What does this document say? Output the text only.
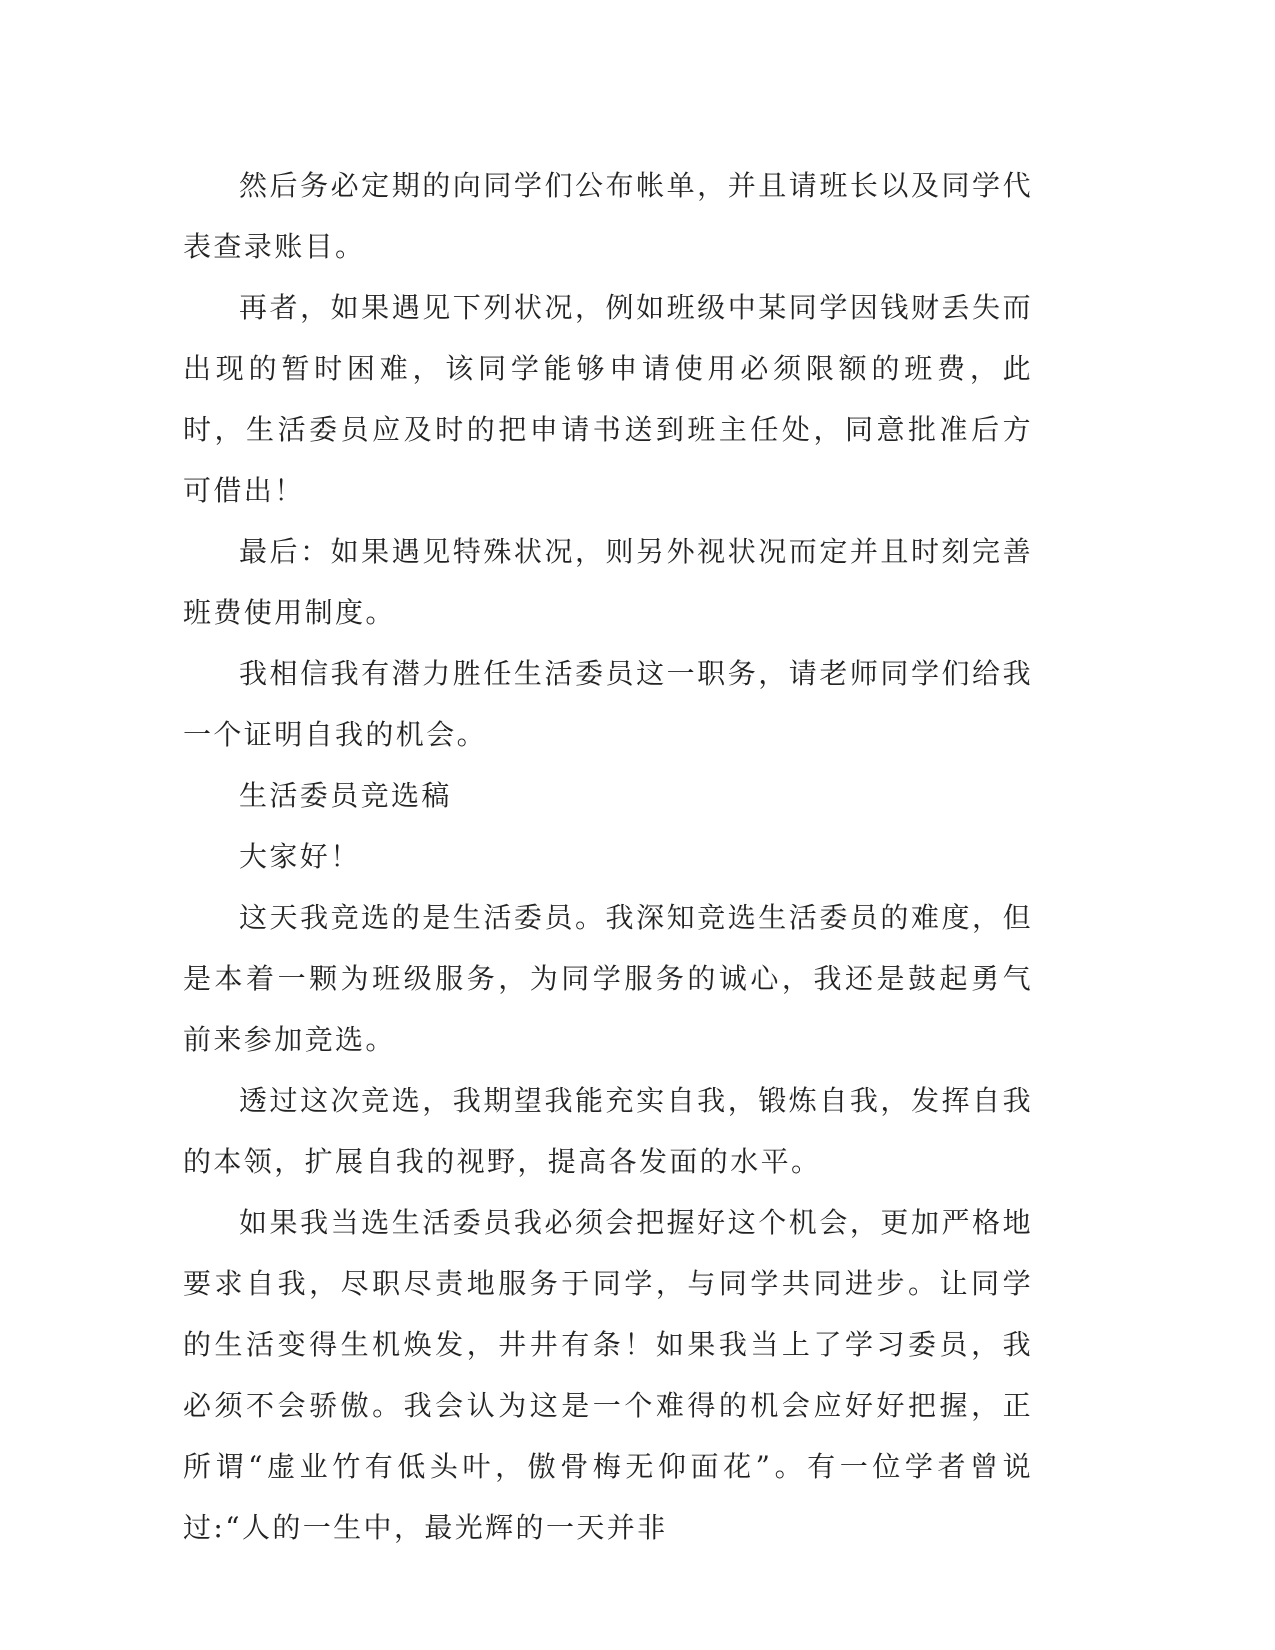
然后务必定期的向同学们公布帐单，并且请班长以及同学代表查录账目。

再者，如果遇见下列状况，例如班级中某同学因钱财丢失而出现的暂时困难，该同学能够申请使用必须限额的班费，此时，生活委员应及时的把申请书送到班主任处，同意批准后方可借出！

最后：如果遇见特殊状况，则另外视状况而定并且时刻完善班费使用制度。

我相信我有潜力胜任生活委员这一职务，请老师同学们给我一个证明自我的机会。

生活委员竞选稿

大家好！

这天我竞选的是生活委员。我深知竞选生活委员的难度，但是本着一颗为班级服务，为同学服务的诚心，我还是鼓起勇气前来参加竞选。

透过这次竞选，我期望我能充实自我，锻炼自我，发挥自我的本领，扩展自我的视野，提高各发面的水平。

如果我当选生活委员我必须会把握好这个机会，更加严格地要求自我，尽职尽责地服务于同学，与同学共同进步。让同学的生活变得生机焕发，井井有条！如果我当上了学习委员，我必须不会骄傲。我会认为这是一个难得的机会应好好把握，正所谓“虚业竹有低头叶，傲骨梅无仰面花”。有一位学者曾说过:“人的一生中，最光辉的一天并非
